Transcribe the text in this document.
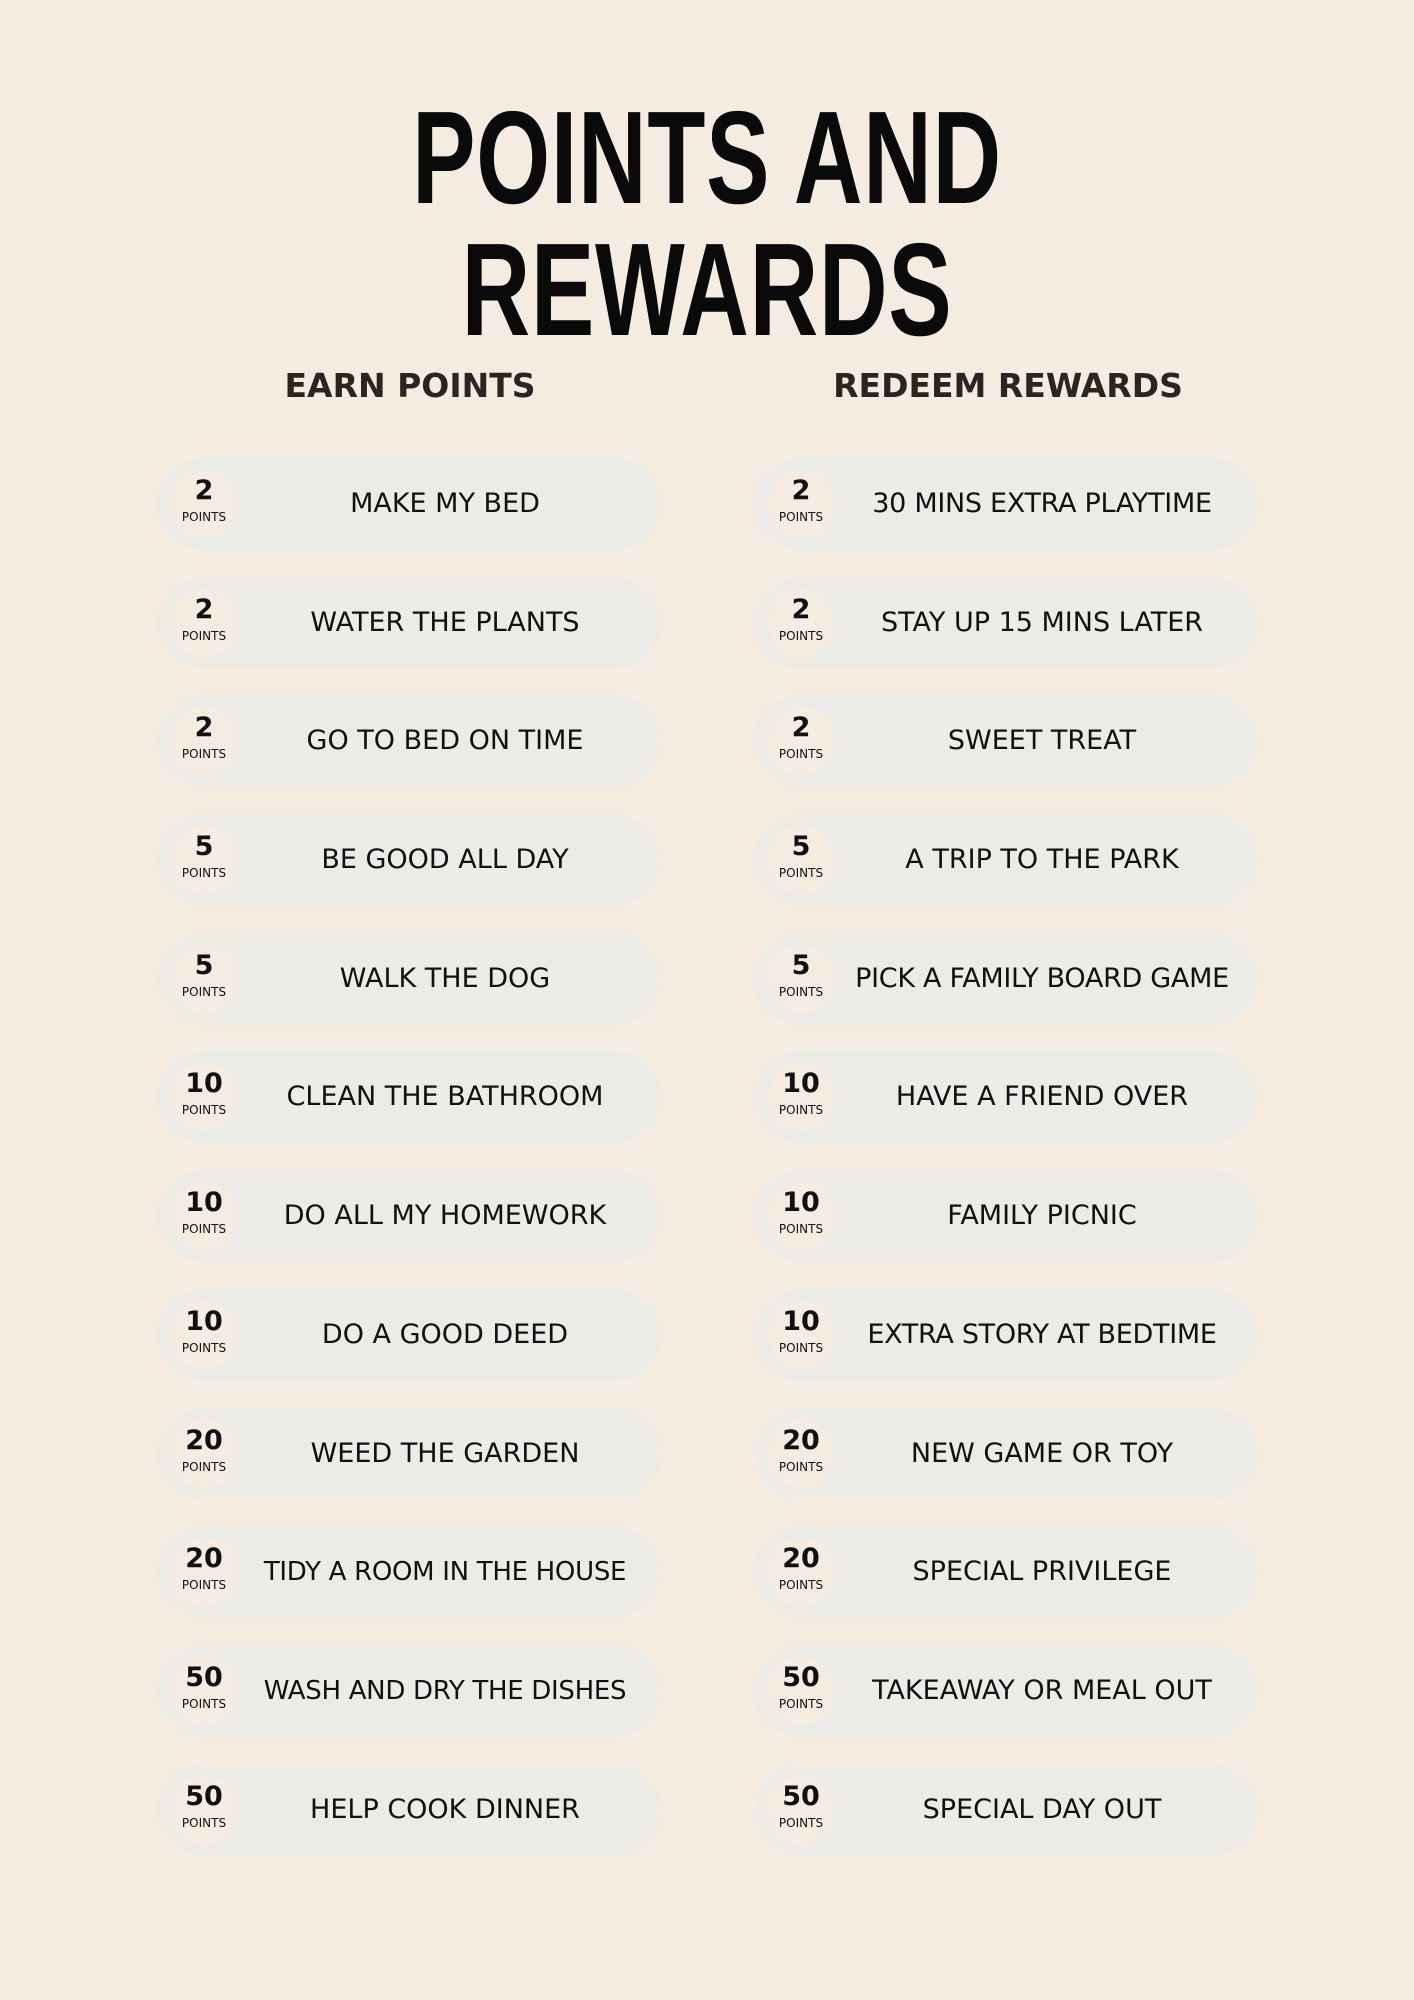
POINTS AND REWARDS
EARN POINTS	REDEEM REWARDS
2
POINTS	MAKE MY BED
2
POINTS	WATER THE PLANTS
2
POINTS	GO TO BED ON TIME
5
POINTS	BE GOOD ALL DAY
5
POINTS	WALK THE DOG
10
POINTS	CLEAN THE BATHROOM
10
POINTS	DO ALL MY HOMEWORK
10
POINTS	DO A GOOD DEED
20
POINTS	WEED THE GARDEN
20
POINTS	TIDY A ROOM IN THE HOUSE
50
POINTS	WASH AND DRY THE DISHES
50
POINTS	HELP COOK DINNER
2
POINTS	30 MINS EXTRA PLAYTIME
2
POINTS	STAY UP 15 MINS LATER
2
POINTS	SWEET TREAT
5
POINTS	A TRIP TO THE PARK
5
POINTS	PICK A FAMILY BOARD GAME
10
POINTS	HAVE A FRIEND OVER
10
POINTS	FAMILY PICNIC
10
POINTS	EXTRA STORY AT BEDTIME
20
POINTS	NEW GAME OR TOY
20
POINTS	SPECIAL PRIVILEGE
50
POINTS	TAKEAWAY OR MEAL OUT
50
POINTS	SPECIAL DAY OUT
